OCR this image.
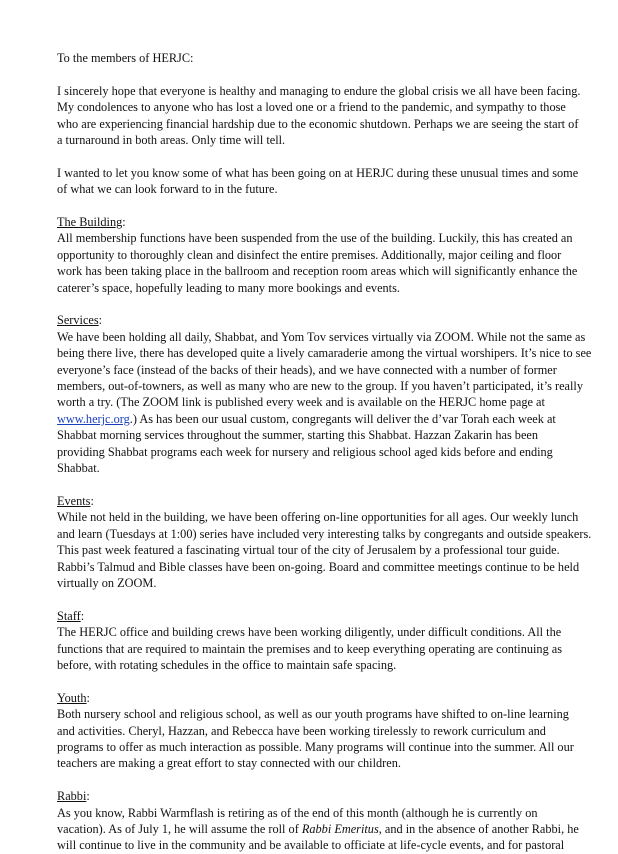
To the members of HERJC:

I sincerely hope that everyone is healthy and managing to endure the global crisis we all have been facing.
My condolences to anyone who has lost a loved one or a friend to the pandemic, and sympathy to those
who are experiencing financial hardship due to the economic shutdown. Perhaps we are seeing the start of
a turnaround in both areas. Only time will tell.

I wanted to let you know some of what has been going on at HERJC during these unusual times and some
of what we can look forward to in the future.

The Building:
All membership functions have been suspended from the use of the building. Luckily, this has created an
opportunity to thoroughly clean and disinfect the entire premises. Additionally, major ceiling and floor
work has been taking place in the ballroom and reception room areas which will significantly enhance the
caterer’s space, hopefully leading to many more bookings and events.

Services:
We have been holding all daily, Shabbat, and Yom Tov services virtually via ZOOM. While not the same as
being there live, there has developed quite a lively camaraderie among the virtual worshipers. It’s nice to see
everyone’s face (instead of the backs of their heads), and we have connected with a number of former
members, out-of-towners, as well as many who are new to the group. If you haven’t participated, it’s really
worth a try. (The ZOOM link is published every week and is available on the HERJC home page at
www.herjc.org.) As has been our usual custom, congregants will deliver the d’var Torah each week at
Shabbat morning services throughout the summer, starting this Shabbat. Hazzan Zakarin has been
providing Shabbat programs each week for nursery and religious school aged kids before and ending
Shabbat.

Events:
While not held in the building, we have been offering on-line opportunities for all ages. Our weekly lunch
and learn (Tuesdays at 1:00) series have included very interesting talks by congregants and outside speakers.
This past week featured a fascinating virtual tour of the city of Jerusalem by a professional tour guide.
Rabbi’s Talmud and Bible classes have been on-going. Board and committee meetings continue to be held
virtually on ZOOM.

Staff:
The HERJC office and building crews have been working diligently, under difficult conditions. All the
functions that are required to maintain the premises and to keep everything operating are continuing as
before, with rotating schedules in the office to maintain safe spacing.

Youth:
Both nursery school and religious school, as well as our youth programs have shifted to on-line learning
and activities. Cheryl, Hazzan, and Rebecca have been working tirelessly to rework curriculum and
programs to offer as much interaction as possible. Many programs will continue into the summer. All our
teachers are making a great effort to stay connected with our children.

Rabbi:
As you know, Rabbi Warmflash is retiring as of the end of this month (although he is currently on
vacation). As of July 1, he will assume the roll of Rabbi Emeritus, and in the absence of another Rabbi, he
will continue to live in the community and be available to officiate at life-cycle events, and for pastoral
